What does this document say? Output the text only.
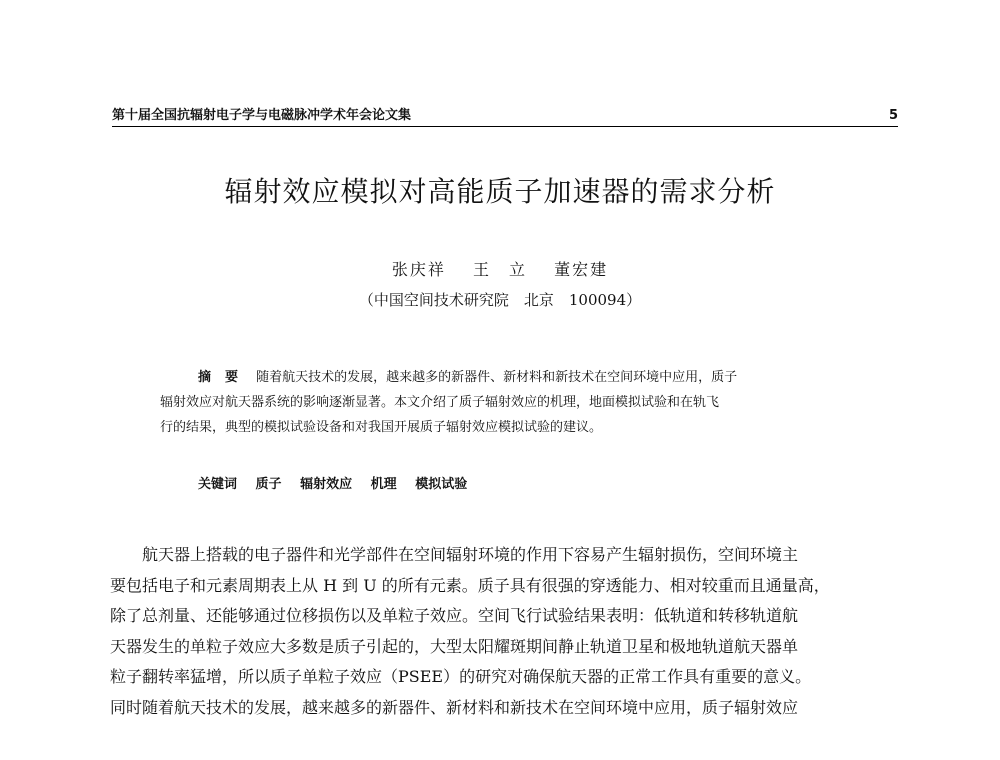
第十届全国抗辐射电子学与电磁脉冲学术年会论文集	5
辐射效应模拟对高能质子加速器的需求分析
张庆祥 王　立 董宏建
（中国空间技术研究院　北京　100094）
摘要 随着航天技术的发展，越来越多的新器件、新材料和新技术在空间环境中应用，质子
辐射效应对航天器系统的影响逐渐显著。本文介绍了质子辐射效应的机理，地面模拟试验和在轨飞
行的结果，典型的模拟试验设备和对我国开展质子辐射效应模拟试验的建议。
关键词 质子 辐射效应 机理 模拟试验
航天器上搭载的电子器件和光学部件在空间辐射环境的作用下容易产生辐射损伤，空间环境主
要包括电子和元素周期表上从 H 到 U 的所有元素。质子具有很强的穿透能力、相对较重而且通量高，
除了总剂量、还能够通过位移损伤以及单粒子效应。空间飞行试验结果表明：低轨道和转移轨道航
天器发生的单粒子效应大多数是质子引起的，大型太阳耀斑期间静止轨道卫星和极地轨道航天器单
粒子翻转率猛增，所以质子单粒子效应（PSEE）的研究对确保航天器的正常工作具有重要的意义。
同时随着航天技术的发展，越来越多的新器件、新材料和新技术在空间环境中应用，质子辐射效应
